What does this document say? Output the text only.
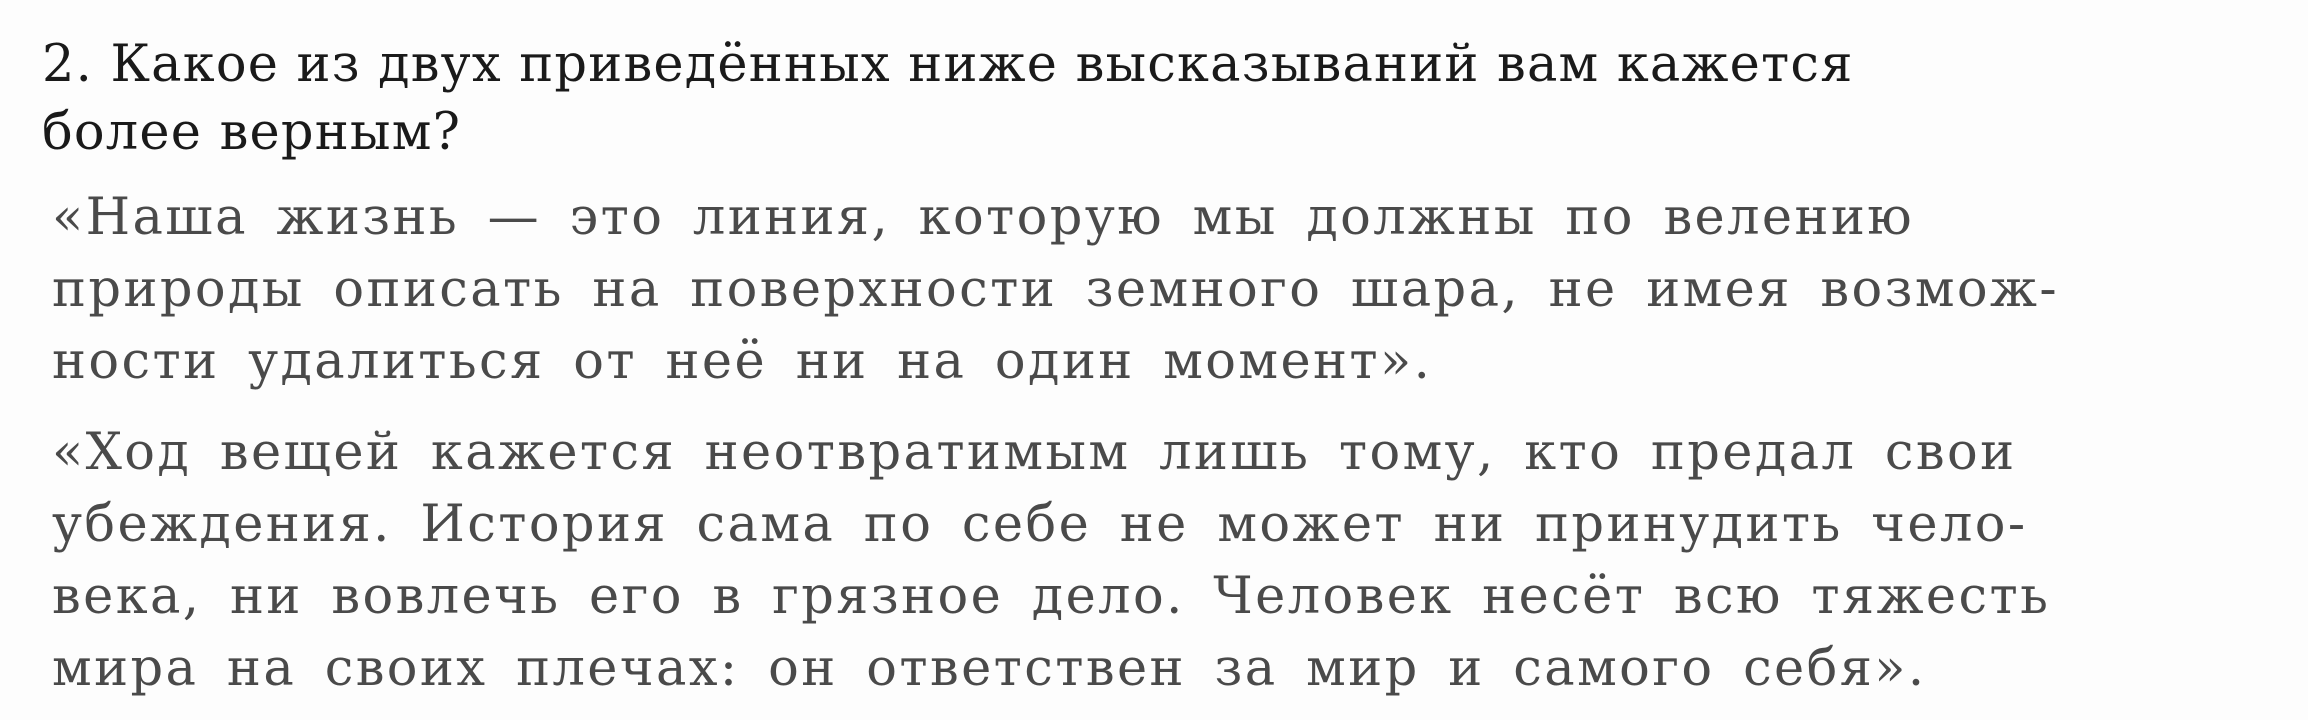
2. Какое из двух приведённых ниже высказываний вам кажется
более верным?
«Наша жизнь — это линия, которую мы должны по велению
природы описать на поверхности земного шара, не имея возмож-
ности удалиться от неё ни на один момент».
«Ход вещей кажется неотвратимым лишь тому, кто предал свои
убеждения. История сама по себе не может ни принудить чело-
века, ни вовлечь его в грязное дело. Человек несёт всю тяжесть
мира на своих плечах: он ответствен за мир и самого себя».
